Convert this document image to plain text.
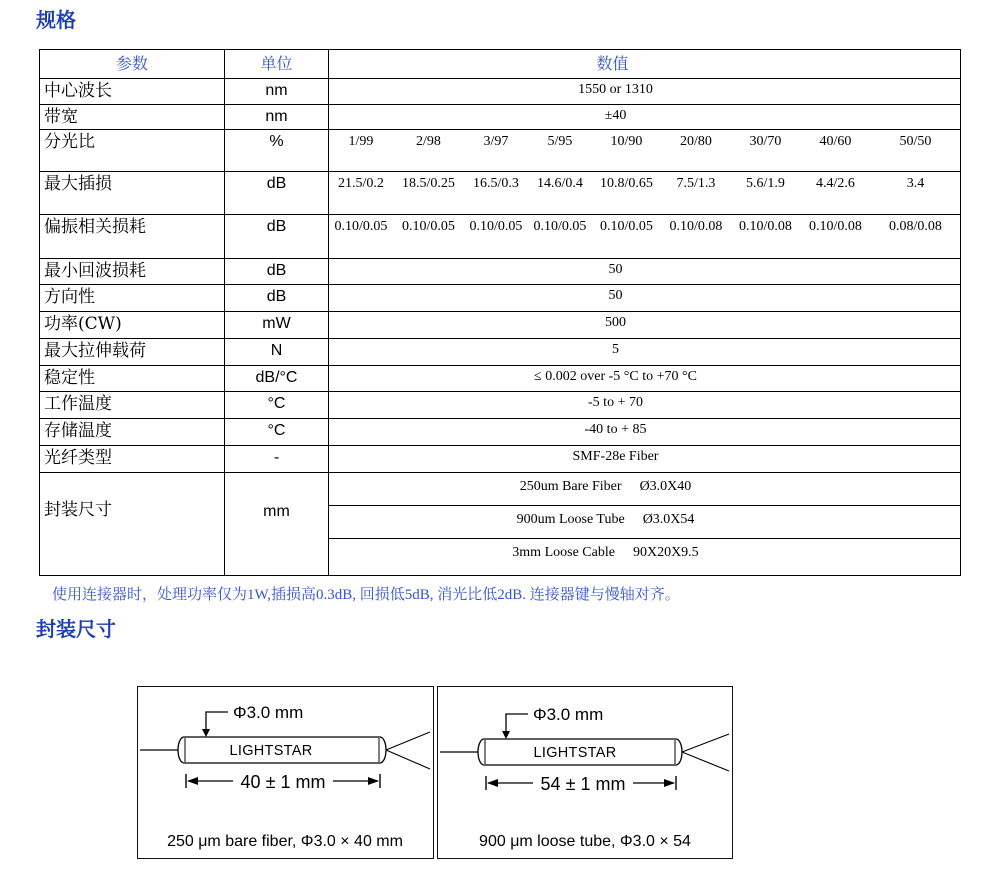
规格
参数	单位	数值
中心波长	nm	1550 or 1310
带宽	nm	±40
分光比	%	1/99	2/98	3/97	5/95	10/90	20/80	30/70	40/60	50/50
最大插损	dB	21.5/0.2	18.5/0.25	16.5/0.3	14.6/0.4	10.8/0.65	7.5/1.3	5.6/1.9	4.4/2.6	3.4
偏振相关损耗	dB	0.10/0.05	0.10/0.05	0.10/0.05 0.10/0.05 0.10/0.05	0.10/0.08	0.10/0.08	0.10/0.08	0.08/0.08
最小回波损耗	dB	50
方向性	dB	50
功率(CW)	mW	500
最大拉伸载荷	N	5
稳定性	dB/°C	≤ 0.002 over -5 °C to +70 °C
工作温度	°C	-5 to + 70
存储温度	°C	-40 to + 85
光纤类型	-	SMF-28e Fiber
封装尺寸	mm
250um Bare Fiber Ø3.0X40
900um Loose Tube Ø3.0X54
3mm Loose Cable 90X20X9.5

使用连接器时，处理功率仅为1W,插损高0.3dB, 回损低5dB, 消光比低2dB. 连接器键与慢轴对齐。

封装尺寸
Φ3.0 mm
LIGHTSTAR
40 ± 1 mm
250 μm bare fiber, Φ3.0 × 40 mm
Φ3.0 mm
LIGHTSTAR
54 ± 1 mm
900 μm loose tube, Φ3.0 × 54
